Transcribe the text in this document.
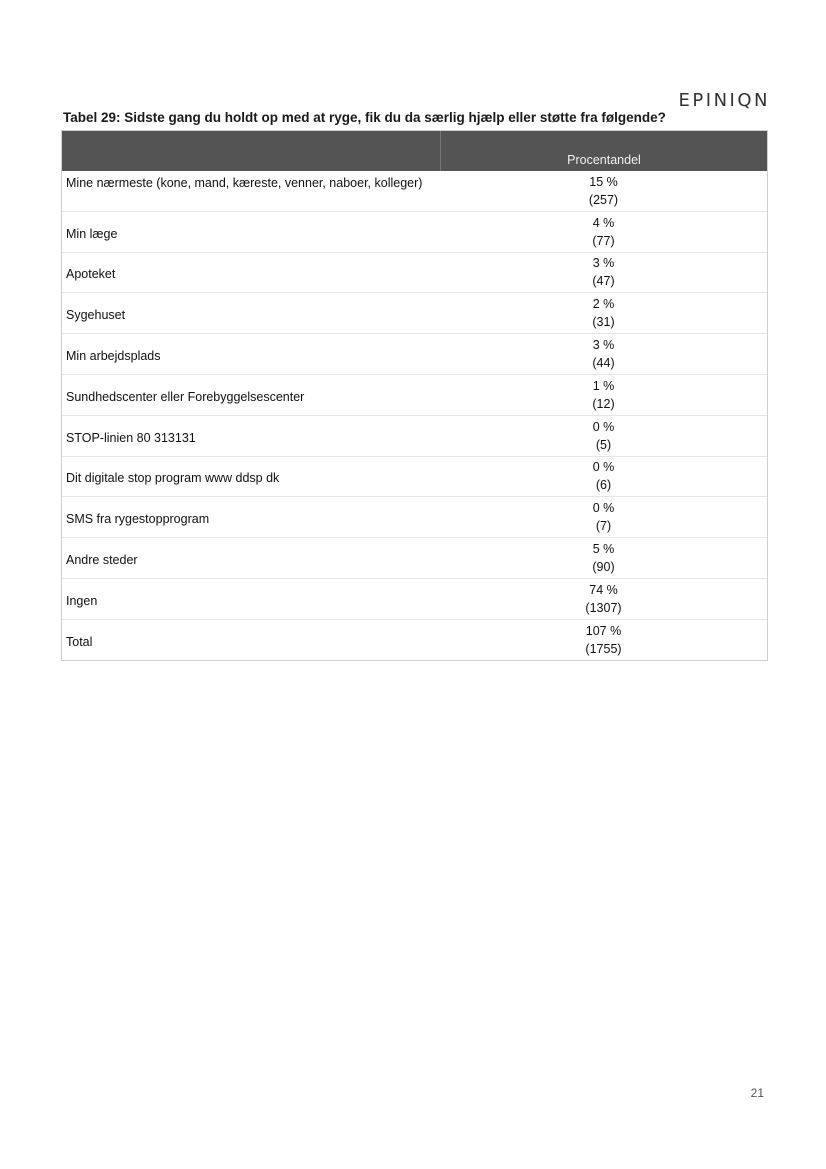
EPINIQN
Tabel 29: Sidste gang du holdt op med at ryge, fik du da særlig hjælp eller støtte fra følgende?
Procentandel
Mine nærmeste (kone, mand, kæreste, venner, naboer, kolleger)	15 %
(257)
Min læge
4 %
(77)
Apoteket
3 %
(47)
Sygehuset
2 %
(31)
Min arbejdsplads
3 %
(44)
Sundhedscenter eller Forebyggelsescenter
1 %
(12)
STOP-linien 80 313131
0 %
(5)
Dit digitale stop program www ddsp dk
0 %
(6)
SMS fra rygestopprogram
0 %
(7)
Andre steder
5 %
(90)
Ingen
74 %
(1307)
Total
107 %
(1755)
21
